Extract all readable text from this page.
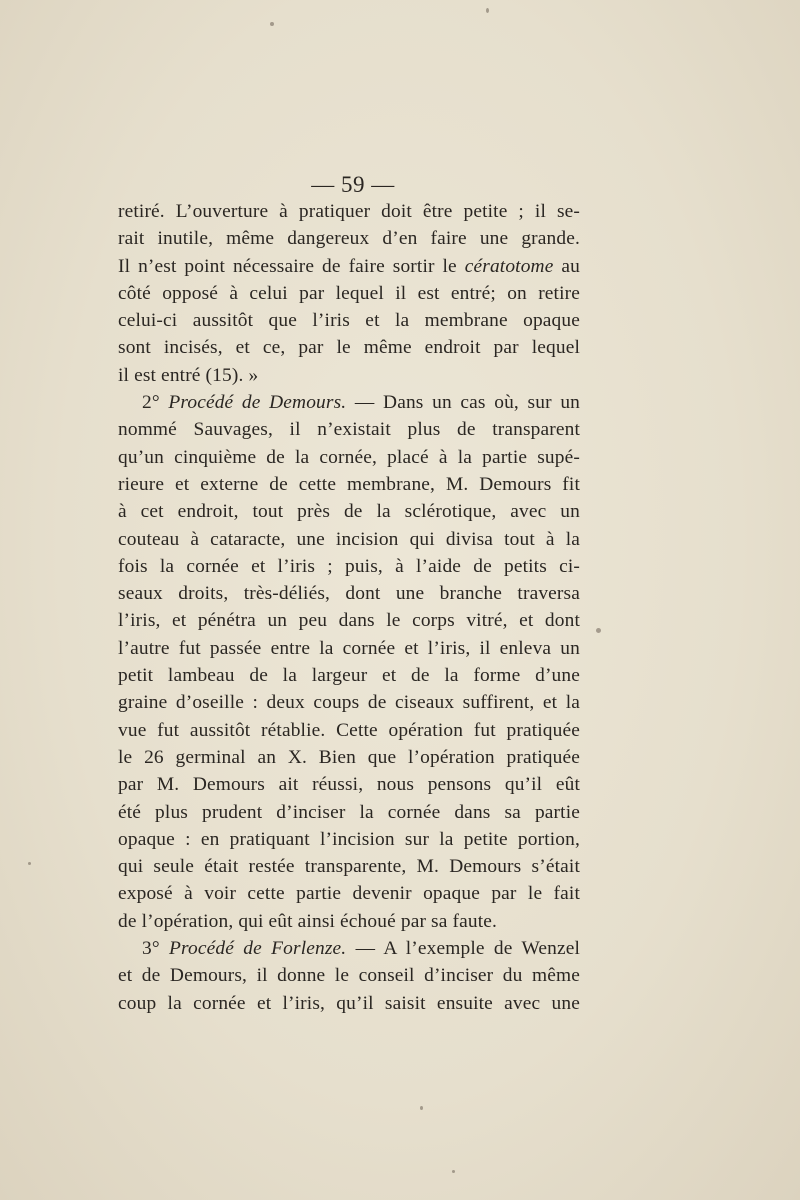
— 59 —
retiré. L’ouverture à pratiquer doit être petite ; il se-
rait inutile, même dangereux d’en faire une grande.
Il n’est point nécessaire de faire sortir le cératotome au
côté opposé à celui par lequel il est entré; on retire
celui-ci aussitôt que l’iris et la membrane opaque
sont incisés, et ce, par le même endroit par lequel
il est entré (15). »
2° Procédé de Demours. — Dans un cas où, sur un
nommé Sauvages, il n’existait plus de transparent
qu’un cinquième de la cornée, placé à la partie supé-
rieure et externe de cette membrane, M. Demours fit
à cet endroit, tout près de la sclérotique, avec un
couteau à cataracte, une incision qui divisa tout à la
fois la cornée et l’iris ; puis, à l’aide de petits ci-
seaux droits, très-déliés, dont une branche traversa
l’iris, et pénétra un peu dans le corps vitré, et dont
l’autre fut passée entre la cornée et l’iris, il enleva un
petit lambeau de la largeur et de la forme d’une
graine d’oseille : deux coups de ciseaux suffirent, et la
vue fut aussitôt rétablie. Cette opération fut pratiquée
le 26 germinal an X. Bien que l’opération pratiquée
par M. Demours ait réussi, nous pensons qu’il eût
été plus prudent d’inciser la cornée dans sa partie
opaque : en pratiquant l’incision sur la petite portion,
qui seule était restée transparente, M. Demours s’était
exposé à voir cette partie devenir opaque par le fait
de l’opération, qui eût ainsi échoué par sa faute.
3° Procédé de Forlenze. — A l’exemple de Wenzel
et de Demours, il donne le conseil d’inciser du même
coup la cornée et l’iris, qu’il saisit ensuite avec une
